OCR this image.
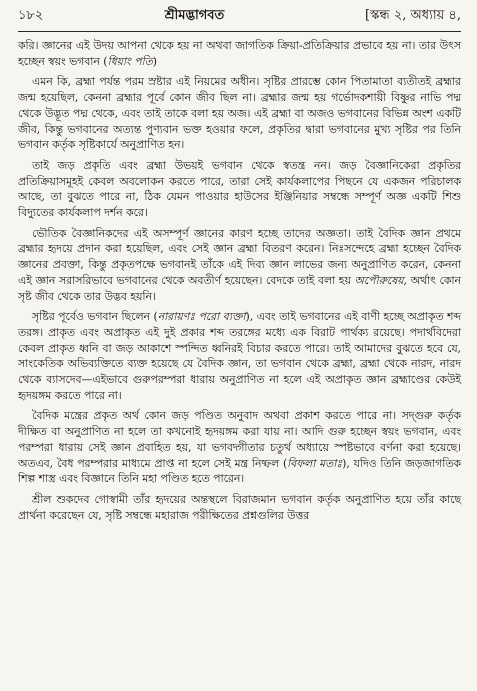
১৮২	শ্রীমদ্ভাগবত	[স্কন্ধ ২, অধ্যায় ৪,

করি। জ্ঞানের এই উদয় আপনা থেকে হয় না অথবা জাগতিক ক্রিয়া-প্রতিক্রিয়ার প্রভাবে হয় না। তার উৎস হচ্ছেন স্বয়ং ভগবান (ধিয়াং পতি)

এমন কি, ব্রহ্মা পর্যন্ত পরম স্রষ্টার এই নিয়মের অধীন। সৃষ্টির প্রারম্ভে কোন পিতামাতা ব্যতীতই ব্রহ্মার জন্ম হয়েছিল, কেননা ব্রহ্মার পূর্বে কোন জীব ছিল না। ব্রহ্মার জন্ম হয় গর্ভোদকশায়ী বিষ্ণুর নাভি পদ্ম থেকে উদ্ভূত পদ্ম থেকে, এবং তাই তাকে বলা হয় অজ। এই ব্রহ্মা বা অজও ভগবানের বিভিন্ন অংশ একটি জীব, কিন্তু ভগবানের অত্যন্ত পুণ্যবান ভক্ত হওয়ার ফলে, প্রকৃতির দ্বারা ভগবানের মুখ্য সৃষ্টির পর তিনি ভগবান কর্তৃক সৃষ্টিকার্যে অনুপ্রাণিত হন।

তাই জড় প্রকৃতি এবং ব্রহ্মা উভয়ই ভগবান থেকে স্বতন্ত্র নন। জড় বৈজ্ঞানিকেরা প্রকৃতির প্রতিক্রিয়াসমূহই কেবল অবলোকন করতে পারে, তারা সেই কার্যকলাপের পিছনে যে একজন পরিচালক আছে, তা বুঝতে পারে না, ঠিক যেমন পাওয়ার হাউসের ইঞ্জিনিয়ার সম্বন্ধে সম্পূর্ণ অজ্ঞ একটি শিশু বিদ্যুতের কার্যকলাপ দর্শন করে।

ভৌতিক বৈজ্ঞানিকদের এই অসম্পূর্ণ জ্ঞানের কারণ হচ্ছে তাদের অজ্ঞতা। তাই বৈদিক জ্ঞান প্রথমে ব্রহ্মার হৃদয়ে প্রদান করা হয়েছিল, এবং সেই জ্ঞান ব্রহ্মা বিতরণ করেন। নিঃসন্দেহে ব্রহ্মা হচ্ছেন বৈদিক জ্ঞানের প্রবক্তা, কিন্তু প্রকৃতপক্ষে ভগবানই তাঁকে এই দিব্য জ্ঞান লাভের জন্য অনুপ্রাণিত করেন, কেননা এই জ্ঞান সরাসরিভাবে ভগবানের থেকে অবতীর্ণ হয়েছেন। বেদকে তাই বলা হয় অপৌরুষেয়, অর্থাৎ কোন সৃষ্ট জীব থেকে তার উদ্ভব হয়নি।

সৃষ্টির পূর্বেও ভগবান ছিলেন (নারায়ণঃ পরো ব্যক্তা), এবং তাই ভগবানের এই বাণী হচ্ছে অপ্রাকৃত শব্দ তরঙ্গ। প্রাকৃত এবং অপ্রাকৃত এই দুই প্রকার শব্দ তরঙ্গের মধ্যে এক বিরাট পার্থক্য রয়েছে। পদার্থবিদেরা কেবল প্রাকৃত ধ্বনি বা জড় আকাশে স্পন্দিত ধ্বনিরই বিচার করতে পারে। তাই আমাদের বুঝতে হবে যে, সাংকেতিক অভিব্যক্তিতে ব্যক্ত হয়েছে যে বৈদিক জ্ঞান, তা ভগবান থেকে ব্রহ্মা, ব্রহ্মা থেকে নারদ, নারদ থেকে ব্যাসদেব—এইভাবে গুরুপরম্পরা ধারায় অনুপ্রাণিত না হলে এই অপ্রাকৃত জ্ঞান ব্রহ্মাণ্ডের কেউই হৃদয়ঙ্গম করতে পারে না।

বৈদিক মন্ত্রের প্রকৃত অর্থ কোন জড় পণ্ডিত অনুবাদ অথবা প্রকাশ করতে পারে না। সদ্গুরু কর্তৃক দীক্ষিত বা অনুপ্রাণিত না হলে তা কখনোই হৃদয়ঙ্গম করা যায় না। আদি গুরু হচ্ছেন স্বয়ং ভগবান, এবং পরম্পরা ধারায় সেই জ্ঞান প্রবাহিত হয়, যা ভগবদ্গীতার চতুর্থ অধ্যায়ে স্পষ্টভাবে বর্ণনা করা হয়েছে। অতএব, বৈধ পরম্পরার মাধ্যমে প্রাপ্ত না হলে সেই মন্ত্র নিষ্ফল (বিফলা মতাঃ), যদিও তিনি জড়জাগতিক শিল্প শাস্ত্র এবং বিজ্ঞানে তিনি মহা পণ্ডিত হতে পারেন।

শ্রীল শুকদেব গোস্বামী তাঁর হৃদয়ের অন্তস্থলে বিরাজমান ভগবান কর্তৃক অনুপ্রাণিত হয়ে তাঁর কাছে প্রার্থনা করেছেন যে, সৃষ্টি সম্বন্ধে মহারাজ পরীক্ষিতের প্রশ্নগুলির উত্তর
